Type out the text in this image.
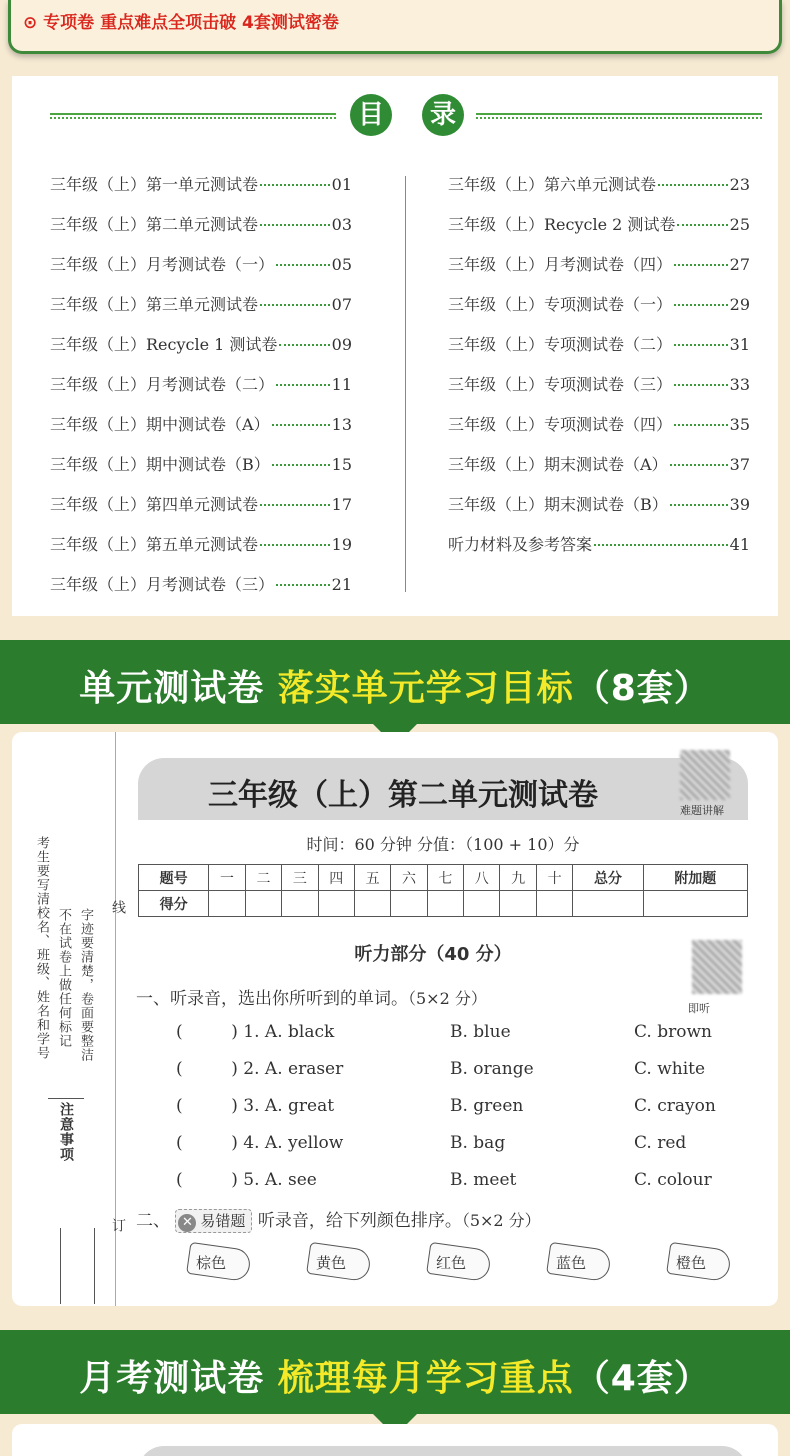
⊙ 专项卷 重点难点全项击破 4套测试密卷
目	录
三年级（上）第一单元测试卷	01
三年级（上）第二单元测试卷	03
三年级（上）月考测试卷（一）	05
三年级（上）第三单元测试卷	07
三年级（上）Recycle 1 测试卷	09
三年级（上）月考测试卷（二）	11
三年级（上）期中测试卷（A）	13
三年级（上）期中测试卷（B）	15
三年级（上）第四单元测试卷	17
三年级（上）第五单元测试卷	19
三年级（上）月考测试卷（三）	21
三年级（上）第六单元测试卷	23
三年级（上）Recycle 2 测试卷	25
三年级（上）月考测试卷（四）	27
三年级（上）专项测试卷（一）	29
三年级（上）专项测试卷（二）	31
三年级（上）专项测试卷（三）	33
三年级（上）专项测试卷（四）	35
三年级（上）期末测试卷（A）	37
三年级（上）期末测试卷（B）	39
听力材料及参考答案	41
单元测试卷 落实单元学习目标（8套）
考生要写清校名、班级、姓名和学号 不在试卷上做任何标记 字迹要清楚，卷面要整洁
注意事项
线
订
三年级（上）第二单元测试卷	难题讲解
时间：60 分钟 分值：（100 + 10）分
题号	一	二	三	四	五	六	七	八	九	十	总分	附加题
得分												
听力部分（40 分）
即听
一、听录音，选出你所听到的单词。（5×2 分）
(         ) 1. A. black	B. blue	C. brown
(         ) 2. A. eraser	B. orange	C. white
(         ) 3. A. great	B. green	C. crayon
(         ) 4. A. yellow	B. bag	C. red
(         ) 5. A. see	B. meet	C. colour
二、 ✕ 易错题 听录音，给下列颜色排序。（5×2 分）
棕色	黄色	红色	蓝色	橙色
月考测试卷 梳理每月学习重点（4套）
